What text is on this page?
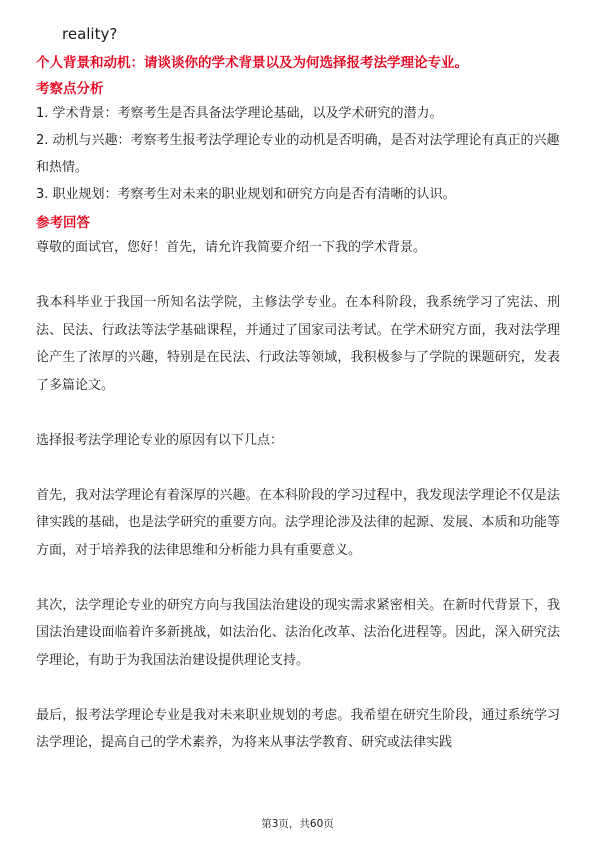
reality?
个人背景和动机：请谈谈你的学术背景以及为何选择报考法学理论专业。
考察点分析
1. 学术背景：考察考生是否具备法学理论基础，以及学术研究的潜力。
2. 动机与兴趣：考察考生报考法学理论专业的动机是否明确，是否对法学理论有真正的兴趣和热情。
3. 职业规划：考察考生对未来的职业规划和研究方向是否有清晰的认识。
参考回答

尊敬的面试官，您好！首先，请允许我简要介绍一下我的学术背景。

我本科毕业于我国一所知名法学院，主修法学专业。在本科阶段，我系统学习了宪法、刑法、民法、行政法等法学基础课程，并通过了国家司法考试。在学术研究方面，我对法学理论产生了浓厚的兴趣，特别是在民法、行政法等领域，我积极参与了学院的课题研究，发表了多篇论文。

选择报考法学理论专业的原因有以下几点：

首先，我对法学理论有着深厚的兴趣。在本科阶段的学习过程中，我发现法学理论不仅是法律实践的基础，也是法学研究的重要方向。法学理论涉及法律的起源、发展、本质和功能等方面，对于培养我的法律思维和分析能力具有重要意义。

其次，法学理论专业的研究方向与我国法治建设的现实需求紧密相关。在新时代背景下，我国法治建设面临着许多新挑战，如法治化、法治化改革、法治化进程等。因此，深入研究法学理论，有助于为我国法治建设提供理论支持。

最后，报考法学理论专业是我对未来职业规划的考虑。我希望在研究生阶段，通过系统学习法学理论，提高自己的学术素养，为将来从事法学教育、研究或法律实践

第3页，共60页
